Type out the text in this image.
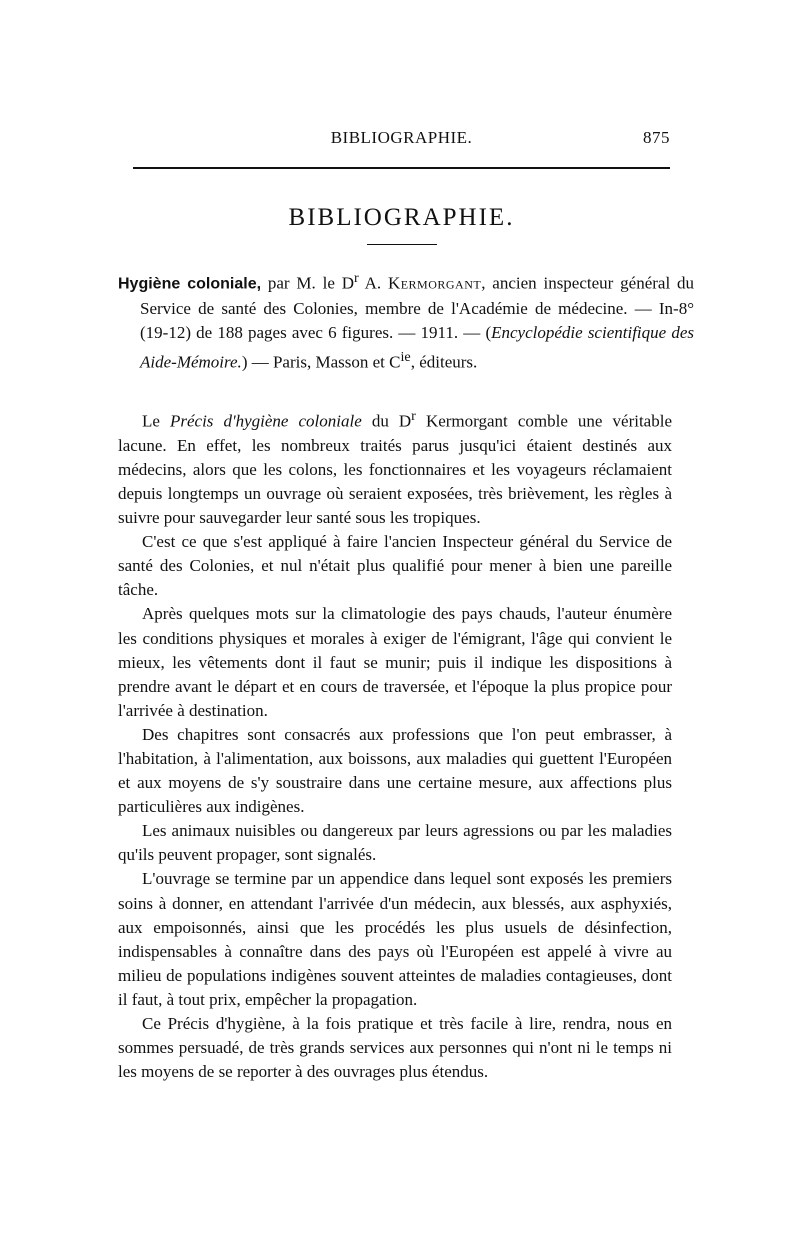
BIBLIOGRAPHIE.	875
BIBLIOGRAPHIE.
Hygiène coloniale, par M. le $D^r$ A. Kermorgant, ancien inspecteur général du Service de santé des Colonies, membre de l'Académie de médecine. — In-8° (19-12) de 188 pages avec 6 figures. — 1911. — (Encyclopédie scientifique des Aide-Mémoire.) — Paris, Masson et $C^{ie}$, éditeurs.

Le Précis d'hygiène coloniale du $D^r$ Kermorgant comble une véritable lacune. En effet, les nombreux traités parus jusqu'ici étaient destinés aux médecins, alors que les colons, les fonctionnaires et les voyageurs réclamaient depuis longtemps un ouvrage où seraient exposées, très brièvement, les règles à suivre pour sauvegarder leur santé sous les tropiques.

C'est ce que s'est appliqué à faire l'ancien Inspecteur général du Service de santé des Colonies, et nul n'était plus qualifié pour mener à bien une pareille tâche.

Après quelques mots sur la climatologie des pays chauds, l'auteur énumère les conditions physiques et morales à exiger de l'émigrant, l'âge qui convient le mieux, les vêtements dont il faut se munir; puis il indique les dispositions à prendre avant le départ et en cours de traversée, et l'époque la plus propice pour l'arrivée à destination.

Des chapitres sont consacrés aux professions que l'on peut embrasser, à l'habitation, à l'alimentation, aux boissons, aux maladies qui guettent l'Européen et aux moyens de s'y soustraire dans une certaine mesure, aux affections plus particulières aux indigènes.

Les animaux nuisibles ou dangereux par leurs agressions ou par les maladies qu'ils peuvent propager, sont signalés.

L'ouvrage se termine par un appendice dans lequel sont exposés les premiers soins à donner, en attendant l'arrivée d'un médecin, aux blessés, aux asphyxiés, aux empoisonnés, ainsi que les procédés les plus usuels de désinfection, indispensables à connaître dans des pays où l'Européen est appelé à vivre au milieu de populations indigènes souvent atteintes de maladies contagieuses, dont il faut, à tout prix, empêcher la propagation.

Ce Précis d'hygiène, à la fois pratique et très facile à lire, rendra, nous en sommes persuadé, de très grands services aux personnes qui n'ont ni le temps ni les moyens de se reporter à des ouvrages plus étendus.
